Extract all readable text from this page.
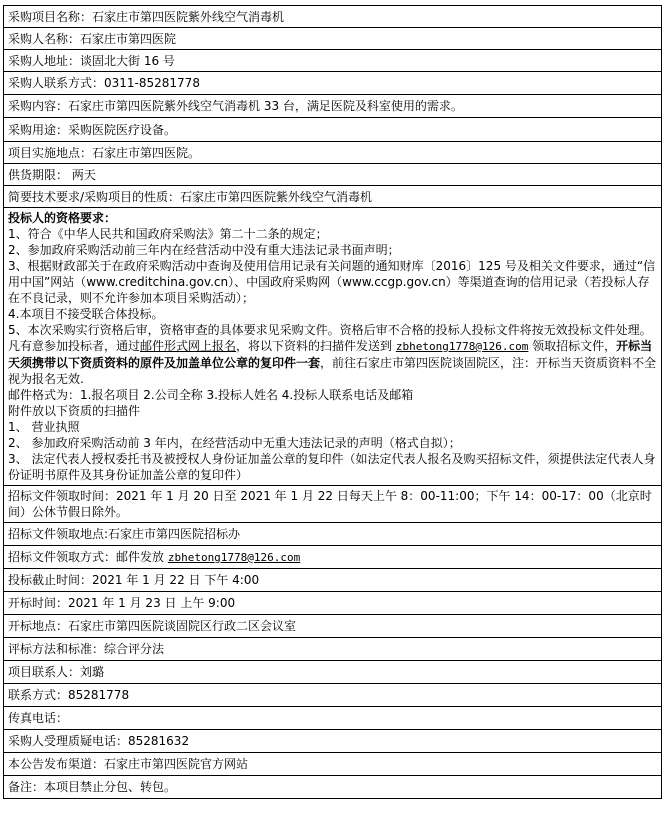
采购项目名称：石家庄市第四医院紫外线空气消毒机
采购人名称：石家庄市第四医院
采购人地址：谈固北大街 16 号
采购人联系方式：0311-85281778
采购内容：石家庄市第四医院紫外线空气消毒机 33 台，满足医院及科室使用的需求。
采购用途：采购医院医疗设备。
项目实施地点：石家庄市第四医院。
供货期限： 两天
简要技术要求/采购项目的性质：石家庄市第四医院紫外线空气消毒机

投标人的资格要求：
1、符合《中华人民共和国政府采购法》第二十二条的规定；
2、参加政府采购活动前三年内在经营活动中没有重大违法记录书面声明；
3、根据财政部关于在政府采购活动中查询及使用信用记录有关问题的通知财库〔2016〕125 号及相关文件要求，通过“信用中国”网站（www.creditchina.gov.cn）、中国政府采购网（www.ccgp.gov.cn）等渠道查询的信用记录（若投标人存在不良记录，则不允许参加本项目采购活动）；
4.本项目不接受联合体投标。
5、本次采购实行资格后审，资格审查的具体要求见采购文件。资格后审不合格的投标人投标文件将按无效投标文件处理。
凡有意参加投标者，通过邮件形式网上报名，将以下资料的扫描件发送到 zbhetong1778@126.com 领取招标文件，开标当天须携带以下资质资料的原件及加盖单位公章的复印件一套，前往石家庄市第四医院谈固院区，注：开标当天资质资料不全视为报名无效.
邮件格式为：1.报名项目 2.公司全称 3.投标人姓名 4.投标人联系电话及邮箱
附件放以下资质的扫描件
1、 营业执照
2、 参加政府采购活动前 3 年内，在经营活动中无重大违法记录的声明（格式自拟）；
3、 法定代表人授权委托书及被授权人身份证加盖公章的复印件（如法定代表人报名及购买招标文件，须提供法定代表人身份证明书原件及其身份证加盖公章的复印件）

招标文件领取时间：2021 年 1 月 20 日至 2021 年 1 月 22 日每天上午 8：00-11:00；下午 14：00-17：00（北京时间）公休节假日除外。
招标文件领取地点:石家庄市第四医院招标办
招标文件领取方式：邮件发放 zbhetong1778@126.com
投标截止时间：2021 年 1 月 22 日 下午 4:00
开标时间：2021 年 1 月 23 日 上午 9:00
开标地点：石家庄市第四医院谈固院区行政二区会议室
评标方法和标准：综合评分法
项目联系人：刘璐
联系方式：85281778
传真电话：
采购人受理质疑电话：85281632
本公告发布渠道：石家庄市第四医院官方网站
备注：本项目禁止分包、转包。
